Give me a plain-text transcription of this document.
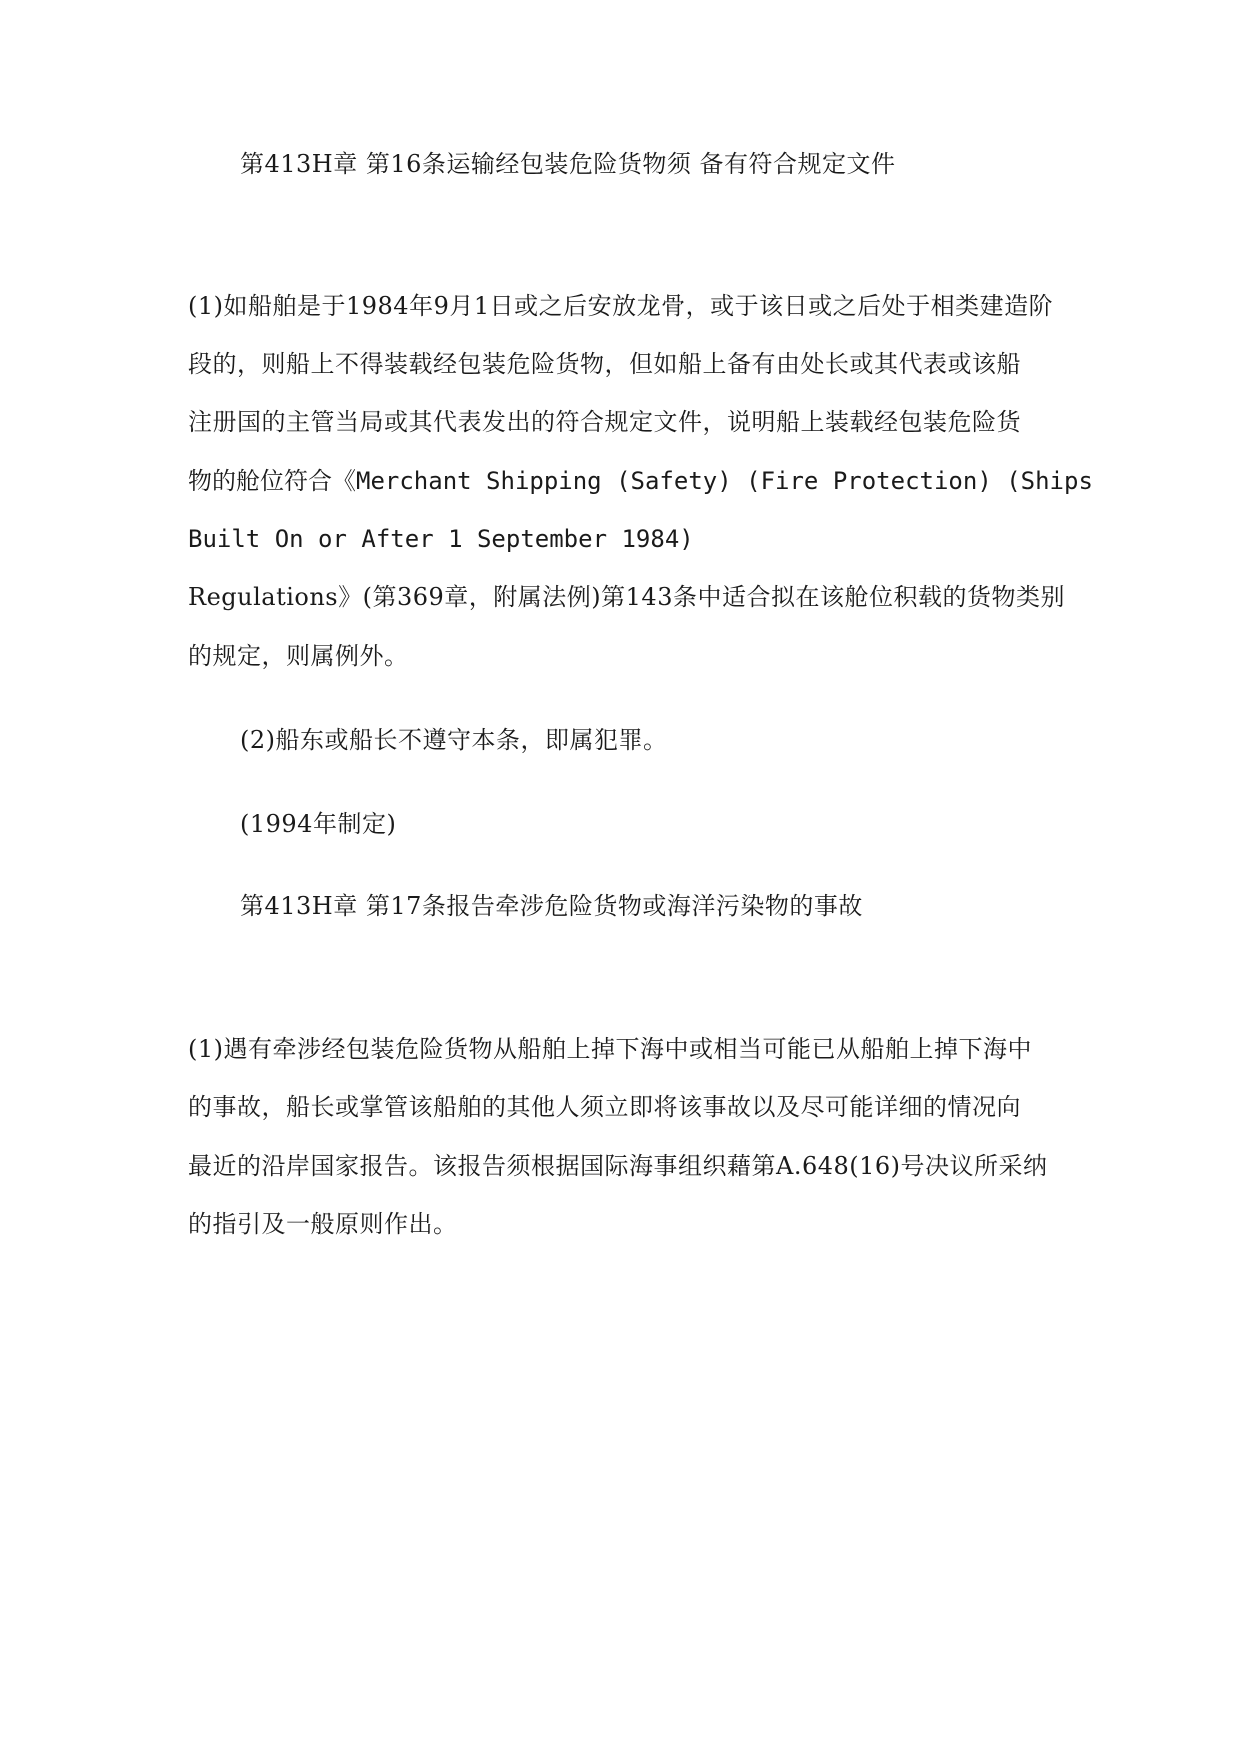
第413H章 第16条运输经包装危险货物须 备有符合规定文件
(1)如船舶是于1984年9月1日或之后安放龙骨，或于该日或之后处于相类建造阶
段的，则船上不得装载经包装危险货物，但如船上备有由处长或其代表或该船
注册国的主管当局或其代表发出的符合规定文件，说明船上装载经包装危险货
物的舱位符合《Merchant Shipping (Safety) (Fire Protection) (Ships
Built On or After 1 September 1984)
Regulations》(第369章，附属法例)第143条中适合拟在该舱位积载的货物类别
的规定，则属例外。
(2)船东或船长不遵守本条，即属犯罪。
(1994年制定)
第413H章 第17条报告牵涉危险货物或海洋污染物的事故
(1)遇有牵涉经包装危险货物从船舶上掉下海中或相当可能已从船舶上掉下海中
的事故，船长或掌管该船舶的其他人须立即将该事故以及尽可能详细的情况向
最近的沿岸国家报告。该报告须根据国际海事组织藉第A.648(16)号决议所采纳
的指引及一般原则作出。
